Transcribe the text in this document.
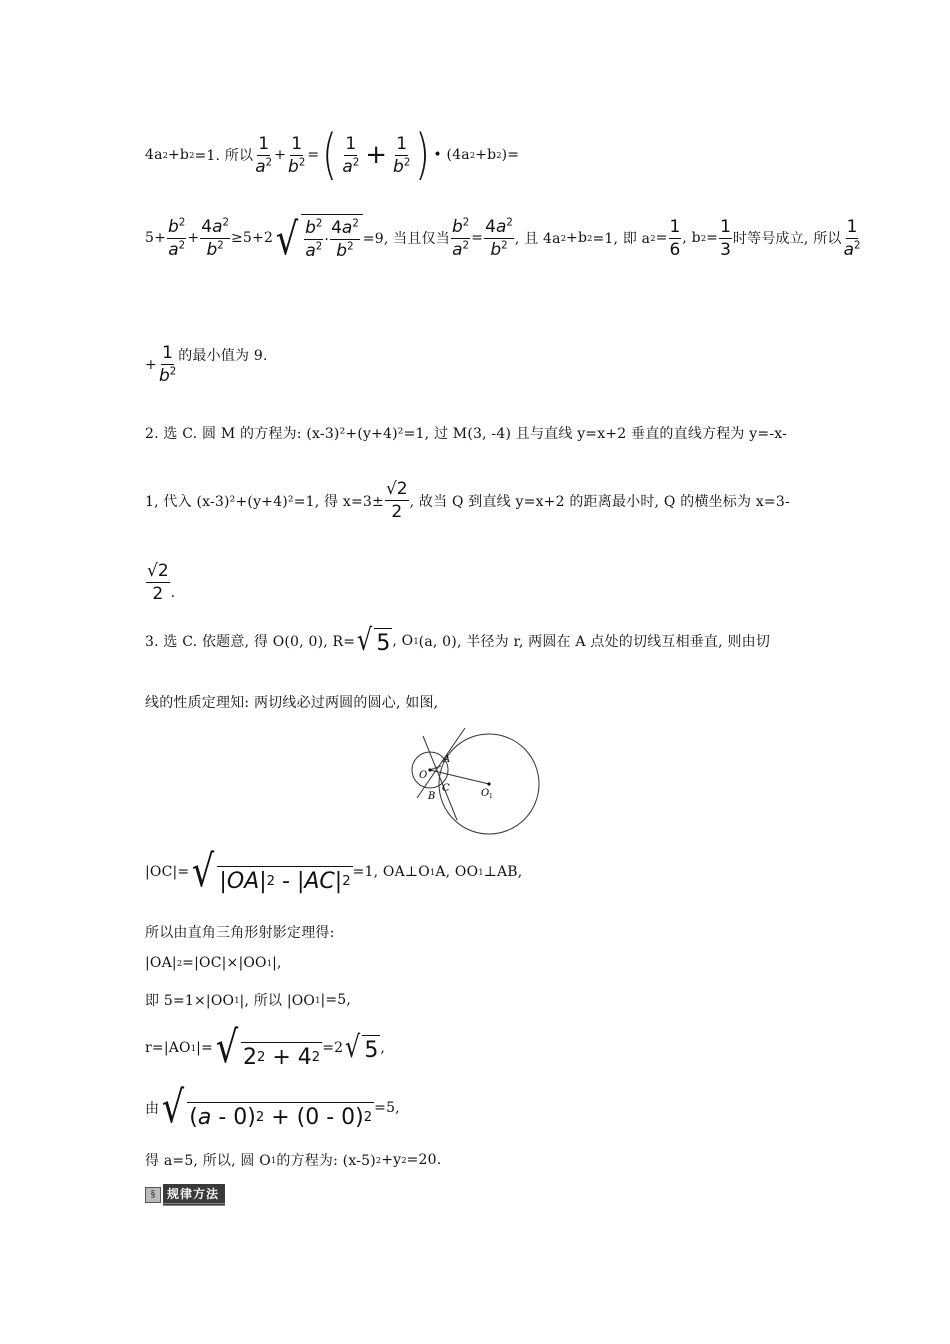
4a 2 +b 2 =1. 所以 $\frac{1}{a^2} + \frac{1}{b^2}$ = ( $\frac{1}{a^2} + \frac{1}{b^2}$ ) • (4a 2 +b 2 )=
$5+ \frac{b^2}{a^2} + \frac{4a^2}{b^2} \ge 5+2$ √ $\frac{b^2}{a^2} \cdot \frac{4a^2}{b^2} =9$, 当且仅当 $\frac{b^2}{a^2} = \frac{4a^2}{b^2}$ , 且 4a 2 +b 2 =1, 即 a $2 = \frac{1}{6}$ , b $2 = \frac{1}{3}$ 时等号成立, 所以 $\frac{1}{a^2}$
+ $\frac{1}{b^2}$ 的最小值为 9.
2. 选 C. 圆 M 的方程为: (x-3)²+(y+4)²=1, 过 M(3, -4) 且与直线 y=x+2 垂直的直线方程为 y=-x-
1, 代入 (x-3)²+(y+4)²=1, 得 $x=3\pm \frac{√2}{2}$ , 故当 Q 到直线 y=x+2 的距离最小时, Q 的横坐标为 x=3-
$\frac{√2}{2}$ .
3. 选 C. 依题意, 得 O(0, 0), R= √ 5 , O 1 (a, 0), 半径为 r, 两圆在 A 点处的切线互相垂直, 则由切
线的性质定理知: 两切线必过两圆的圆心, 如图,
A
O
B
C	O 1
|OC|= √ | OA | 2 - | AC | 2
=1, OA⊥O 1 A, OO 1 ⊥AB,
所以由直角三角形射影定理得:
|OA| 2 =|OC|×|OO 1 |,
即 5=1×|OO 1 |, 所以 |OO 1 |=5,
r=|AO 1 |= √ 2 2 + 4 2
=2 √ 5 ,
由 √ ( a - 0) 2 + (0 - 0) 2
=5,
得 a=5, 所以, 圆 O 1 的方程为: (x-5) 2 +y 2 =20.
§ 规律方法
